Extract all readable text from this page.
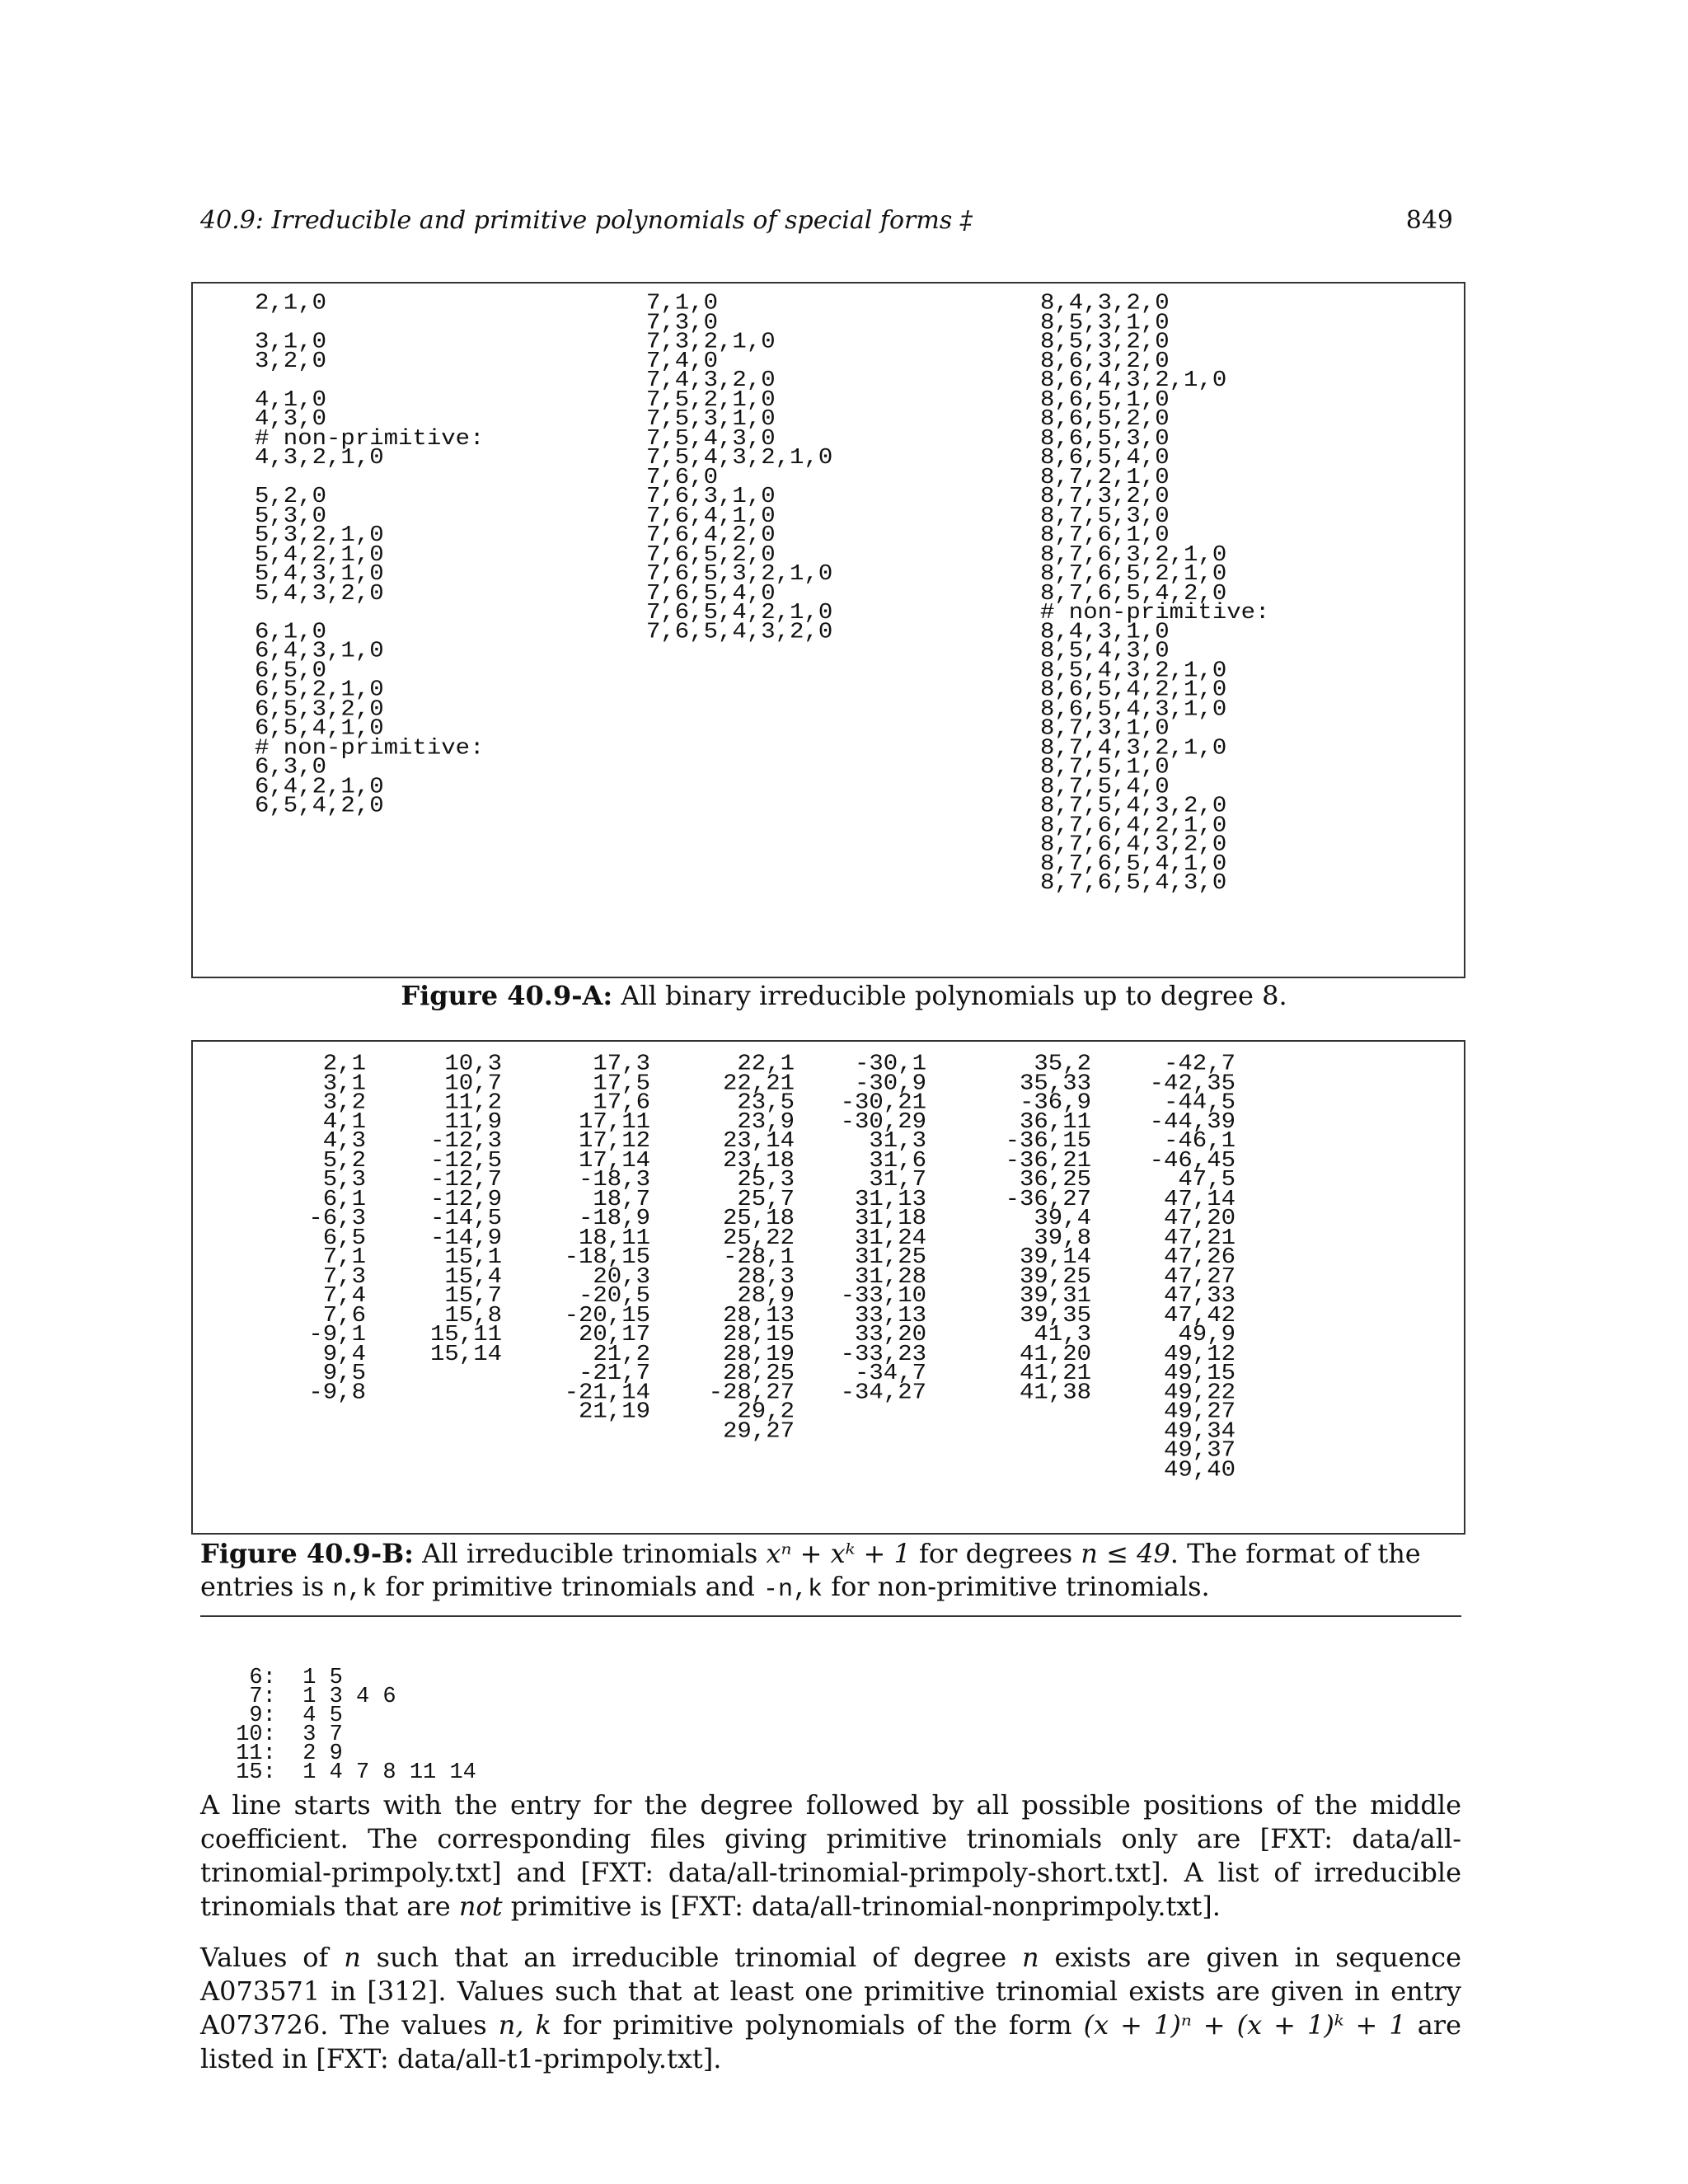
40.9: Irreducible and primitive polynomials of special forms ‡	849
2,1,0

3,1,0
3,2,0

4,1,0
4,3,0
# non-primitive:
4,3,2,1,0

5,2,0
5,3,0
5,3,2,1,0
5,4,2,1,0
5,4,3,1,0
5,4,3,2,0

6,1,0
6,4,3,1,0
6,5,0
6,5,2,1,0
6,5,3,2,0
6,5,4,1,0
# non-primitive:
6,3,0
6,4,2,1,0
6,5,4,2,0
7,1,0
7,3,0
7,3,2,1,0
7,4,0
7,4,3,2,0
7,5,2,1,0
7,5,3,1,0
7,5,4,3,0
7,5,4,3,2,1,0
7,6,0
7,6,3,1,0
7,6,4,1,0
7,6,4,2,0
7,6,5,2,0
7,6,5,3,2,1,0
7,6,5,4,0
7,6,5,4,2,1,0
7,6,5,4,3,2,0
8,4,3,2,0
8,5,3,1,0
8,5,3,2,0
8,6,3,2,0
8,6,4,3,2,1,0
8,6,5,1,0
8,6,5,2,0
8,6,5,3,0
8,6,5,4,0
8,7,2,1,0
8,7,3,2,0
8,7,5,3,0
8,7,6,1,0
8,7,6,3,2,1,0
8,7,6,5,2,1,0
8,7,6,5,4,2,0
# non-primitive:
8,4,3,1,0
8,5,4,3,0
8,5,4,3,2,1,0
8,6,5,4,2,1,0
8,6,5,4,3,1,0
8,7,3,1,0
8,7,4,3,2,1,0
8,7,5,1,0
8,7,5,4,0
8,7,5,4,3,2,0
8,7,6,4,2,1,0
8,7,6,4,3,2,0
8,7,6,5,4,1,0
8,7,6,5,4,3,0
Figure 40.9-A: All binary irreducible polynomials up to degree 8.
2,1
3,1
3,2
4,1
4,3
5,2
5,3
6,1
-6,3
6,5
7,1
7,3
7,4
7,6
-9,1
9,4
9,5
-9,8
10,3
10,7
11,2
11,9
-12,3
-12,5
-12,7
-12,9
-14,5
-14,9
15,1
15,4
15,7
15,8
15,11
15,14
17,3
17,5
17,6
17,11
17,12
17,14
-18,3
18,7
-18,9
18,11
-18,15
20,3
-20,5
-20,15
20,17
21,2
-21,7
-21,14
21,19
22,1
22,21
23,5
23,9
23,14
23,18
25,3
25,7
25,18
25,22
-28,1
28,3
28,9
28,13
28,15
28,19
28,25
-28,27
29,2
29,27
-30,1
-30,9
-30,21
-30,29
31,3
31,6
31,7
31,13
31,18
31,24
31,25
31,28
-33,10
33,13
33,20
-33,23
-34,7
-34,27
35,2
35,33
-36,9
36,11
-36,15
-36,21
36,25
-36,27
39,4
39,8
39,14
39,25
39,31
39,35
41,3
41,20
41,21
41,38
-42,7
-42,35
-44,5
-44,39
-46,1
-46,45
47,5
47,14
47,20
47,21
47,26
47,27
47,33
47,42
49,9
49,12
49,15
49,22
49,27
49,34
49,37
49,40
Figure 40.9-B: All irreducible trinomials xⁿ + xᵏ + 1 for degrees n ≤ 49. The format of the entries is n,k for primitive trinomials and -n,k for non-primitive trinomials.
6:  1 5
7:  1 3 4 6
9:  4 5
10:  3 7
11:  2 9
15:  1 4 7 8 11 14
A line starts with the entry for the degree followed by all possible positions of the middle coefficient. The corresponding files giving primitive trinomials only are [FXT: data/all-trinomial-primpoly.txt] and [FXT: data/all-trinomial-primpoly-short.txt]. A list of irreducible trinomials that are not primitive is [FXT: data/all-trinomial-nonprimpoly.txt].
Values of n such that an irreducible trinomial of degree n exists are given in sequence A073571 in [312]. Values such that at least one primitive trinomial exists are given in entry A073726. The values n, k for primitive polynomials of the form (x + 1)ⁿ + (x + 1)ᵏ + 1 are listed in [FXT: data/all-t1-primpoly.txt].
